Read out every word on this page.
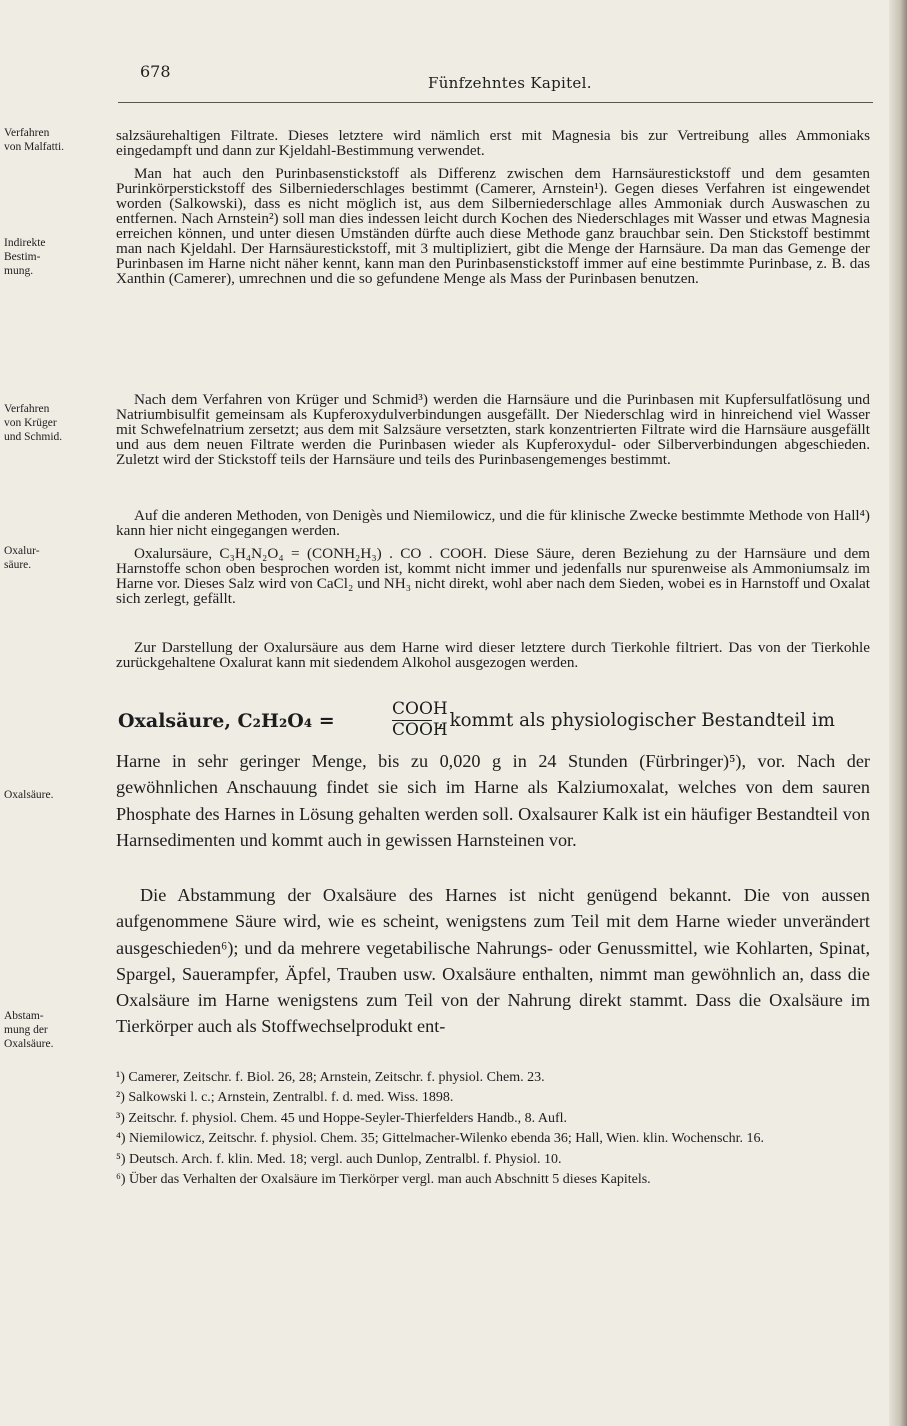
678
Fünfzehntes Kapitel.
Verfahren von Malfatti.
Indirekte Bestim-mung.
Verfahren von Krüger und Schmid.
Oxalur-säure.
Oxalsäure.
Abstam-mung der Oxalsäure.

salzsäurehaltigen Filtrate. Dieses letztere wird nämlich erst mit Magnesia bis zur Vertreibung alles Ammoniaks eingedampft und dann zur Kjeldahl-Bestimmung verwendet.

Man hat auch den Purinbasenstickstoff als Differenz zwischen dem Harnsäurestickstoff und dem gesamten Purinkörperstickstoff des Silberniederschlages bestimmt (Camerer, Arnstein¹). Gegen dieses Verfahren ist eingewendet worden (Salkowski), dass es nicht möglich ist, aus dem Silberniederschlage alles Ammoniak durch Auswaschen zu entfernen. Nach Arnstein²) soll man dies indessen leicht durch Kochen des Niederschlages mit Wasser und etwas Magnesia erreichen können, und unter diesen Umständen dürfte auch diese Methode ganz brauchbar sein. Den Stickstoff bestimmt man nach Kjeldahl. Der Harnsäurestickstoff, mit 3 multipliziert, gibt die Menge der Harnsäure. Da man das Gemenge der Purinbasen im Harne nicht näher kennt, kann man den Purinbasenstickstoff immer auf eine bestimmte Purinbase, z. B. das Xanthin (Camerer), umrechnen und die so gefundene Menge als Mass der Purinbasen benutzen.

Nach dem Verfahren von Krüger und Schmid³) werden die Harnsäure und die Purinbasen mit Kupfersulfatlösung und Natriumbisulfit gemeinsam als Kupferoxydulverbindungen ausgefällt. Der Niederschlag wird in hinreichend viel Wasser mit Schwefelnatrium zersetzt; aus dem mit Salzsäure versetzten, stark konzentrierten Filtrate wird die Harnsäure ausgefällt und aus dem neuen Filtrate werden die Purinbasen wieder als Kupferoxydul- oder Silberverbindungen abgeschieden. Zuletzt wird der Stickstoff teils der Harnsäure und teils des Purinbasengemenges bestimmt.

Auf die anderen Methoden, von Denigès und Niemilowicz, und die für klinische Zwecke bestimmte Methode von Hall⁴) kann hier nicht eingegangen werden.

Oxalursäure, C₃H₄N₂O₄ = (CONH₂H₃) . CO . COOH. Diese Säure, deren Beziehung zu der Harnsäure und dem Harnstoffe schon oben besprochen worden ist, kommt nicht immer und jedenfalls nur spurenweise als Ammoniumsalz im Harne vor. Dieses Salz wird von CaCl₂ und NH₃ nicht direkt, wohl aber nach dem Sieden, wobei es in Harnstoff und Oxalat sich zerlegt, gefällt.

Zur Darstellung der Oxalursäure aus dem Harne wird dieser letztere durch Tierkohle filtriert. Das von der Tierkohle zurückgehaltene Oxalurat kann mit siedendem Alkohol ausgezogen werden.

Oxalsäure, C₂H₂O₄ =
COOH
COOH
, kommt als physiologischer Bestandteil im

Harne in sehr geringer Menge, bis zu 0,020 g in 24 Stunden (Fürbringer)⁵), vor. Nach der gewöhnlichen Anschauung findet sie sich im Harne als Kalziumoxalat, welches von dem sauren Phosphate des Harnes in Lösung gehalten werden soll. Oxalsaurer Kalk ist ein häufiger Bestandteil von Harnsedimenten und kommt auch in gewissen Harnsteinen vor.

Die Abstammung der Oxalsäure des Harnes ist nicht genügend bekannt. Die von aussen aufgenommene Säure wird, wie es scheint, wenigstens zum Teil mit dem Harne wieder unverändert ausgeschieden⁶); und da mehrere vegetabilische Nahrungs- oder Genussmittel, wie Kohlarten, Spinat, Spargel, Sauerampfer, Äpfel, Trauben usw. Oxalsäure enthalten, nimmt man gewöhnlich an, dass die Oxalsäure im Harne wenigstens zum Teil von der Nahrung direkt stammt. Dass die Oxalsäure im Tierkörper auch als Stoffwechselprodukt ent-

¹) Camerer, Zeitschr. f. Biol. 26, 28; Arnstein, Zeitschr. f. physiol. Chem. 23.

²) Salkowski l. c.; Arnstein, Zentralbl. f. d. med. Wiss. 1898.

³) Zeitschr. f. physiol. Chem. 45 und Hoppe-Seyler-Thierfelders Handb., 8. Aufl.

⁴) Niemilowicz, Zeitschr. f. physiol. Chem. 35; Gittelmacher-Wilenko ebenda 36; Hall, Wien. klin. Wochenschr. 16.

⁵) Deutsch. Arch. f. klin. Med. 18; vergl. auch Dunlop, Zentralbl. f. Physiol. 10.

⁶) Über das Verhalten der Oxalsäure im Tierkörper vergl. man auch Abschnitt 5 dieses Kapitels.
